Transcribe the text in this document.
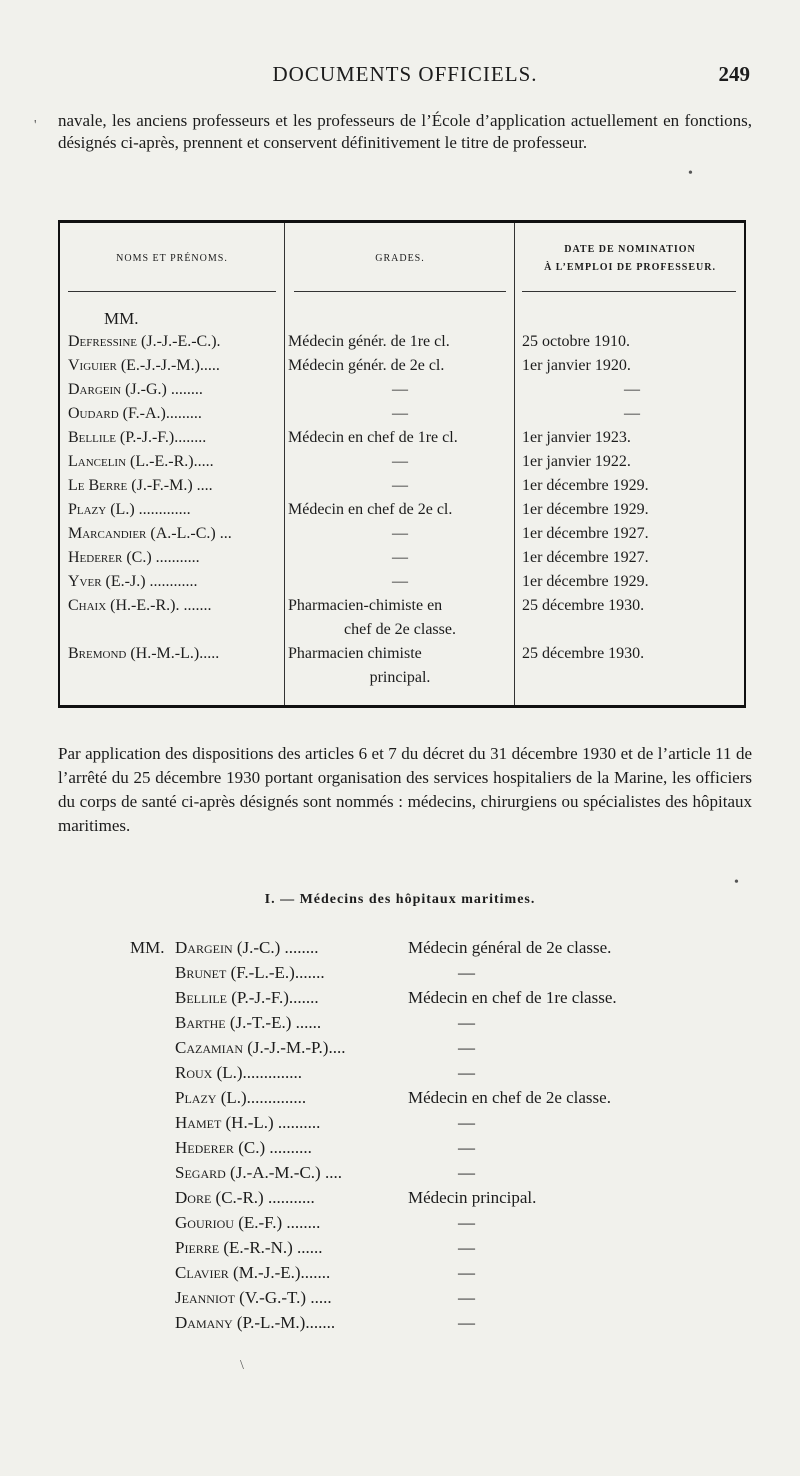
DOCUMENTS OFFICIELS.	249
navale, les anciens professeurs et les professeurs de l’École d’application actuellement en fonctions, désignés ci-après, prennent et conservent définitivement le titre de professeur.
NOMS ET PRÉNOMS.	GRADES.
DATE DE NOMINATION
À L’EMPLOI DE PROFESSEUR.
MM.
Defressine (J.-J.-E.-C.).	Médecin génér. de 1re cl.	25 octobre 1910.
Viguier (E.-J.-J.-M.).....	Médecin génér. de 2e cl.	1er janvier 1920.
Dargein (J.-G.) ........	—	—
Oudard (F.-A.).........	—	—
Bellile (P.-J.-F.)........	Médecin en chef de 1re cl.	1er janvier 1923.
Lancelin (L.-E.-R.).....	—	1er janvier 1922.
Le Berre (J.-F.-M.) ....	—	1er décembre 1929.
Plazy (L.) .............	Médecin en chef de 2e cl.	1er décembre 1929.
Marcandier (A.-L.-C.) ...	—	1er décembre 1927.
Hederer (C.) ...........	—	1er décembre 1927.
Yver (E.-J.) ............	—	1er décembre 1929.
Chaix (H.-E.-R.). .......	Pharmacien-chimiste en	25 décembre 1930.
chef de 2e classe.
Bremond (H.-M.-L.).....	Pharmacien chimiste	25 décembre 1930.
principal.
Par application des dispositions des articles 6 et 7 du décret du 31 décembre 1930 et de l’article 11 de l’arrêté du 25 décembre 1930 portant organisation des services hospitaliers de la Marine, les officiers du corps de santé ci-après désignés sont nommés : médecins, chirurgiens ou spécialistes des hôpitaux maritimes.
I. — Médecins des hôpitaux maritimes.
MM. Dargein (J.-C.) ........	Médecin général de 2e classe.
Brunet (F.-L.-E.).......	—
Bellile (P.-J.-F.).......	Médecin en chef de 1re classe.
Barthe (J.-T.-E.) ......	—
Cazamian (J.-J.-M.-P.)....	—
Roux (L.)..............	—
Plazy (L.)..............	Médecin en chef de 2e classe.
Hamet (H.-L.) ..........	—
Hederer (C.) ..........	—
Segard (J.-A.-M.-C.) ....	—
Dore (C.-R.) ...........	Médecin principal.
Gouriou (E.-F.) ........	—
Pierre (E.-R.-N.) ......	—
Clavier (M.-J.-E.).......	—
Jeanniot (V.-G.-T.) .....	—
Damany (P.-L.-M.).......	—
'
•
•
\
